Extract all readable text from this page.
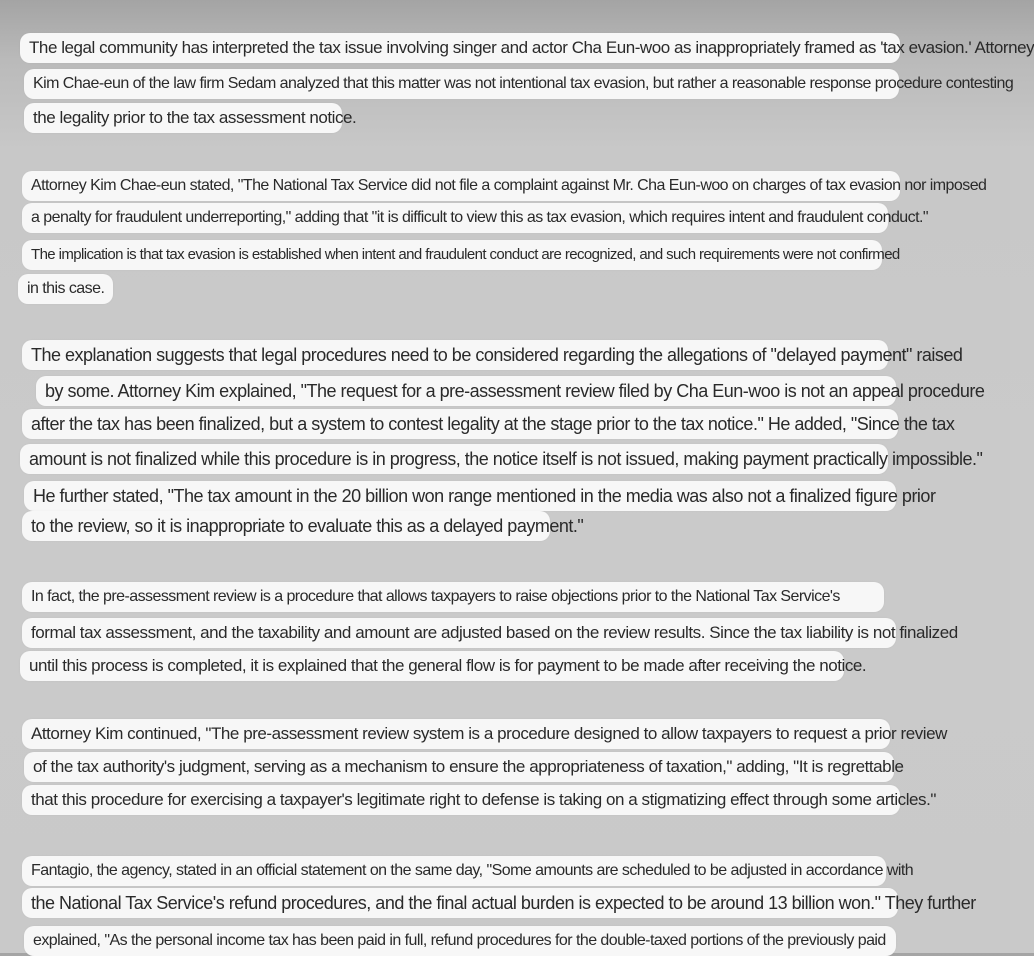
The legal community has interpreted the tax issue involving singer and actor Cha Eun-woo as inappropriately framed as 'tax evasion.' Attorney
Kim Chae-eun of the law firm Sedam analyzed that this matter was not intentional tax evasion, but rather a reasonable response procedure contesting
the legality prior to the tax assessment notice.
Attorney Kim Chae-eun stated, "The National Tax Service did not file a complaint against Mr. Cha Eun-woo on charges of tax evasion nor imposed
a penalty for fraudulent underreporting," adding that "it is difficult to view this as tax evasion, which requires intent and fraudulent conduct."
The implication is that tax evasion is established when intent and fraudulent conduct are recognized, and such requirements were not confirmed
in this case.
The explanation suggests that legal procedures need to be considered regarding the allegations of "delayed payment" raised
by some. Attorney Kim explained, "The request for a pre-assessment review filed by Cha Eun-woo is not an appeal procedure
after the tax has been finalized, but a system to contest legality at the stage prior to the tax notice." He added, "Since the tax
amount is not finalized while this procedure is in progress, the notice itself is not issued, making payment practically impossible."
He further stated, "The tax amount in the 20 billion won range mentioned in the media was also not a finalized figure prior
to the review, so it is inappropriate to evaluate this as a delayed payment."
In fact, the pre-assessment review is a procedure that allows taxpayers to raise objections prior to the National Tax Service's
formal tax assessment, and the taxability and amount are adjusted based on the review results. Since the tax liability is not finalized
until this process is completed, it is explained that the general flow is for payment to be made after receiving the notice.
Attorney Kim continued, "The pre-assessment review system is a procedure designed to allow taxpayers to request a prior review
of the tax authority's judgment, serving as a mechanism to ensure the appropriateness of taxation," adding, "It is regrettable
that this procedure for exercising a taxpayer's legitimate right to defense is taking on a stigmatizing effect through some articles."
Fantagio, the agency, stated in an official statement on the same day, "Some amounts are scheduled to be adjusted in accordance with
the National Tax Service's refund procedures, and the final actual burden is expected to be around 13 billion won." They further
explained, "As the personal income tax has been paid in full, refund procedures for the double-taxed portions of the previously paid
